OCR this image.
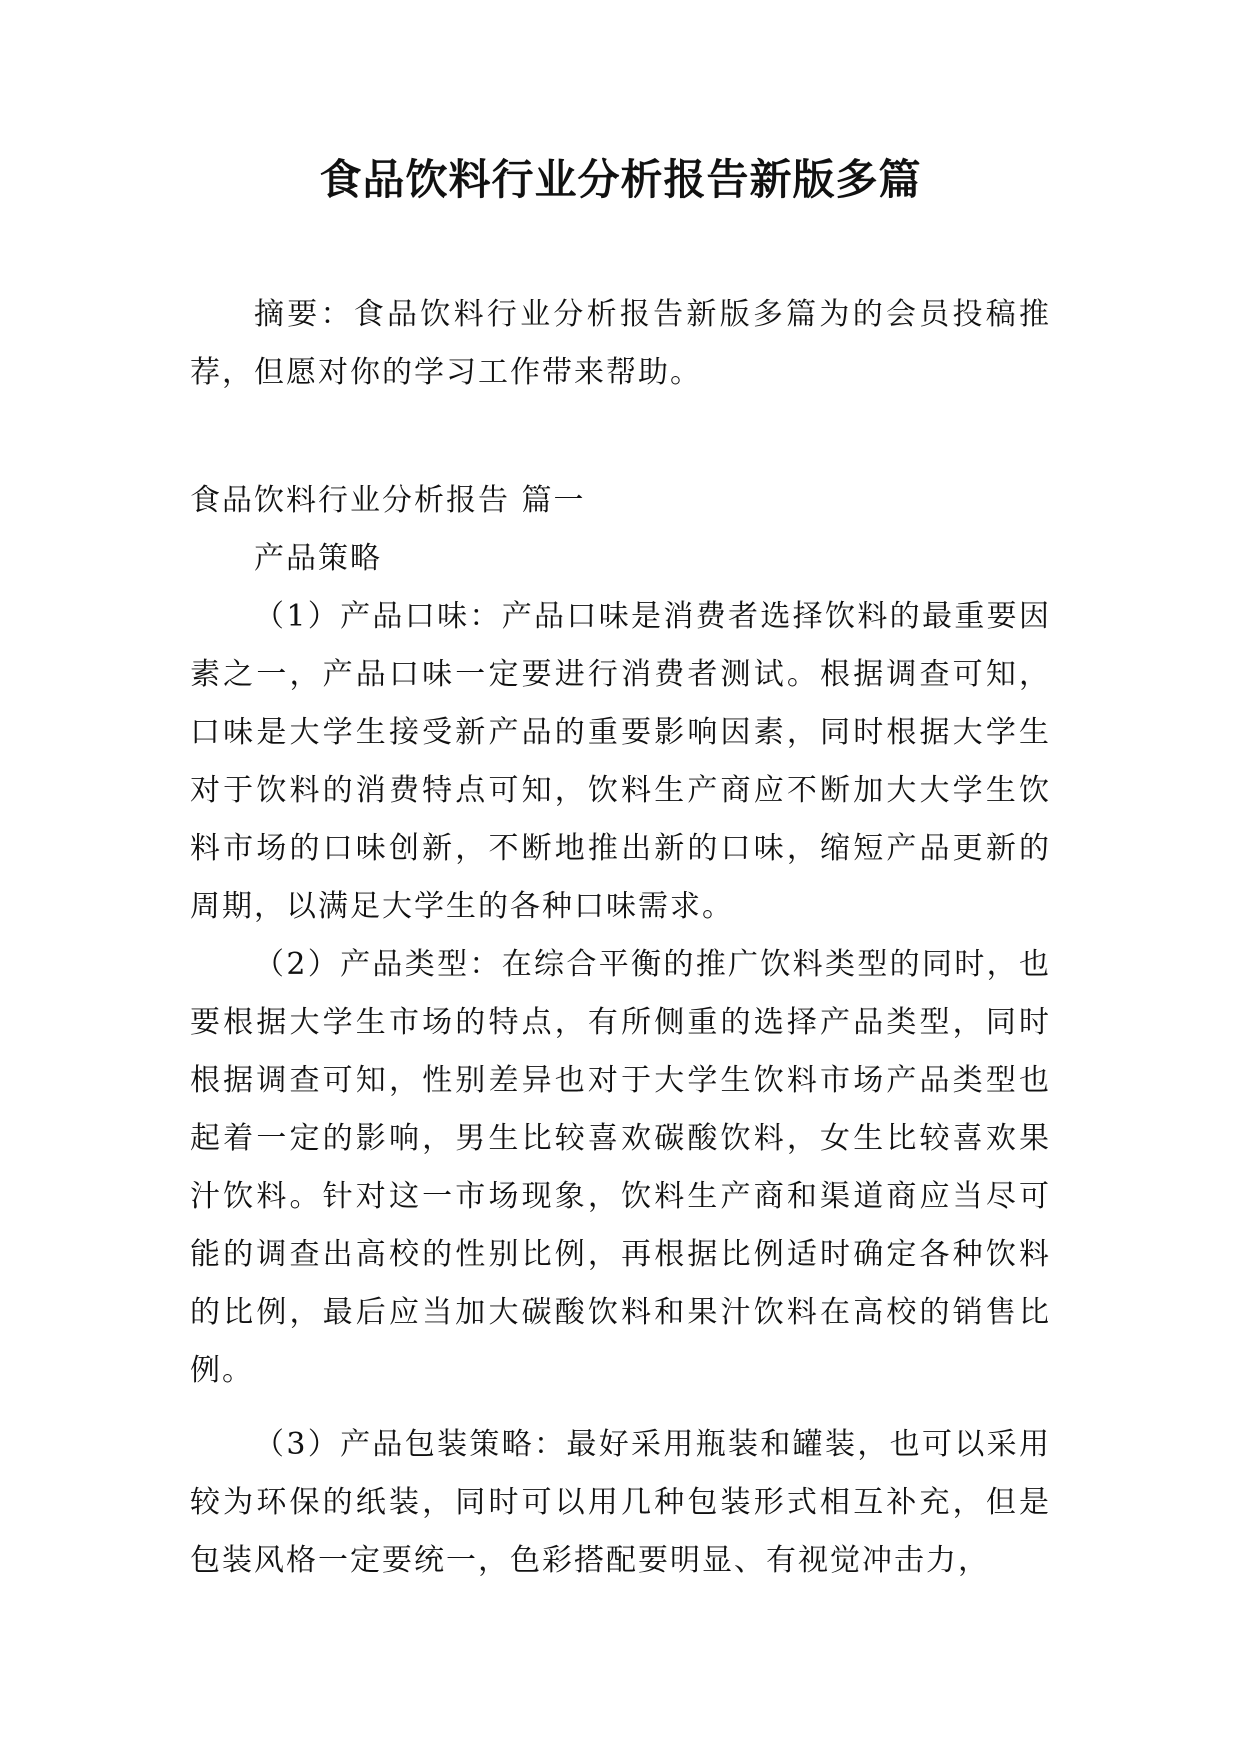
食品饮料行业分析报告新版多篇

摘要：食品饮料行业分析报告新版多篇为的会员投稿推荐，但愿对你的学习工作带来帮助。

食品饮料行业分析报告 篇一

产品策略

（1）产品口味：产品口味是消费者选择饮料的最重要因素之一，产品口味一定要进行消费者测试。根据调查可知，口味是大学生接受新产品的重要影响因素，同时根据大学生对于饮料的消费特点可知，饮料生产商应不断加大大学生饮料市场的口味创新，不断地推出新的口味，缩短产品更新的周期，以满足大学生的各种口味需求。

（2）产品类型：在综合平衡的推广饮料类型的同时，也要根据大学生市场的特点，有所侧重的选择产品类型，同时根据调查可知，性别差异也对于大学生饮料市场产品类型也起着一定的影响，男生比较喜欢碳酸饮料，女生比较喜欢果汁饮料。针对这一市场现象，饮料生产商和渠道商应当尽可能的调查出高校的性别比例，再根据比例适时确定各种饮料的比例，最后应当加大碳酸饮料和果汁饮料在高校的销售比例。

（3）产品包装策略：最好采用瓶装和罐装，也可以采用较为环保的纸装，同时可以用几种包装形式相互补充，但是包装风格一定要统一，色彩搭配要明显、有视觉冲击力，
